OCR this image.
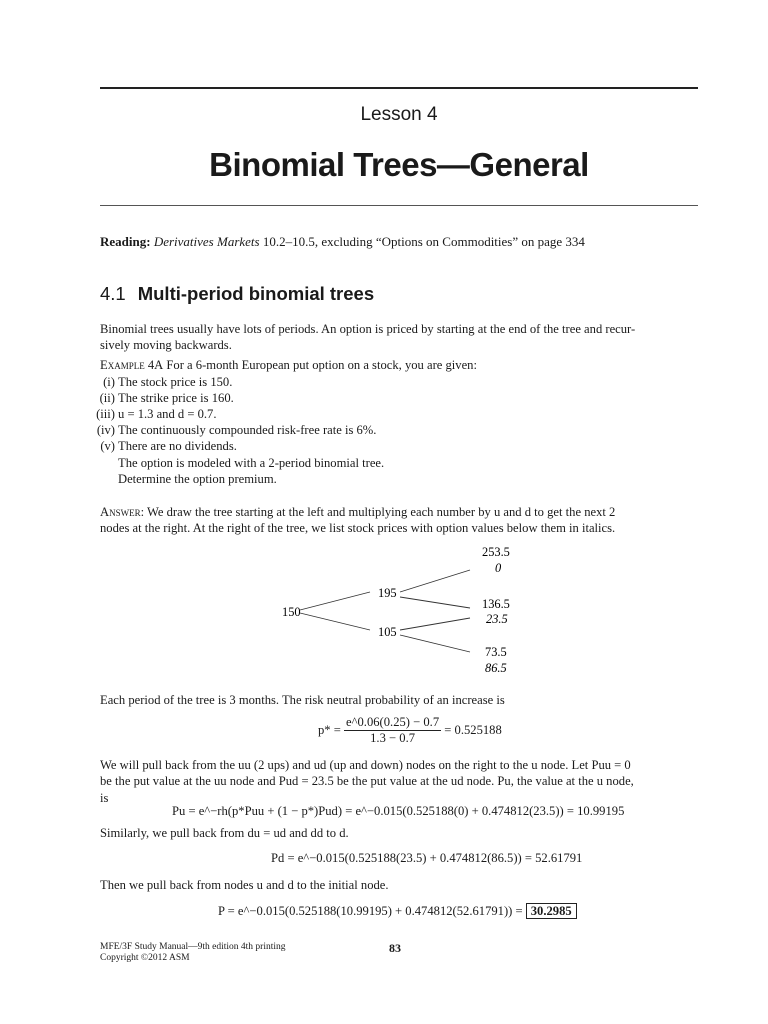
Lesson 4
Binomial Trees—General
Reading: Derivatives Markets 10.2–10.5, excluding “Options on Commodities” on page 334
4.1 Multi-period binomial trees
Binomial trees usually have lots of periods. An option is priced by starting at the end of the tree and recur-
sively moving backwards.
Example 4A For a 6-month European put option on a stock, you are given:
(i) The stock price is 150.
(ii) The strike price is 160.
(iii) u = 1.3 and d = 0.7.
(iv) The continuously compounded risk-free rate is 6%.
(v) There are no dividends.
The option is modeled with a 2-period binomial tree.
Determine the option premium.
Answer: We draw the tree starting at the left and multiplying each number by u and d to get the next 2
nodes at the right. At the right of the tree, we list stock prices with option values below them in italics.
150
195
105
253.5
0
136.5
23.5
73.5
86.5
Each period of the tree is 3 months. The risk neutral probability of an increase is
$p* = \frac{e\^{}0.06(0.25) - 0.7}{1.3 - 0.7} = 0.525188$
We will pull back from the uu (2 ups) and ud (up and down) nodes on the right to the u node. Let Puu = 0
be the put value at the uu node and Pud = 23.5 be the put value at the ud node. Pu, the value at the u node,
is
Pu = e^−rh(p*Puu + (1 − p*)Pud) = e^−0.015(0.525188(0) + 0.474812(23.5)) = 10.99195
Similarly, we pull back from du = ud and dd to d.
Pd = e^−0.015(0.525188(23.5) + 0.474812(86.5)) = 52.61791
Then we pull back from nodes u and d to the initial node.
P = e^−0.015(0.525188(10.99195) + 0.474812(52.61791)) = 30.2985
MFE/3F Study Manual—9th edition 4th printing
Copyright ©2012 ASM
83
